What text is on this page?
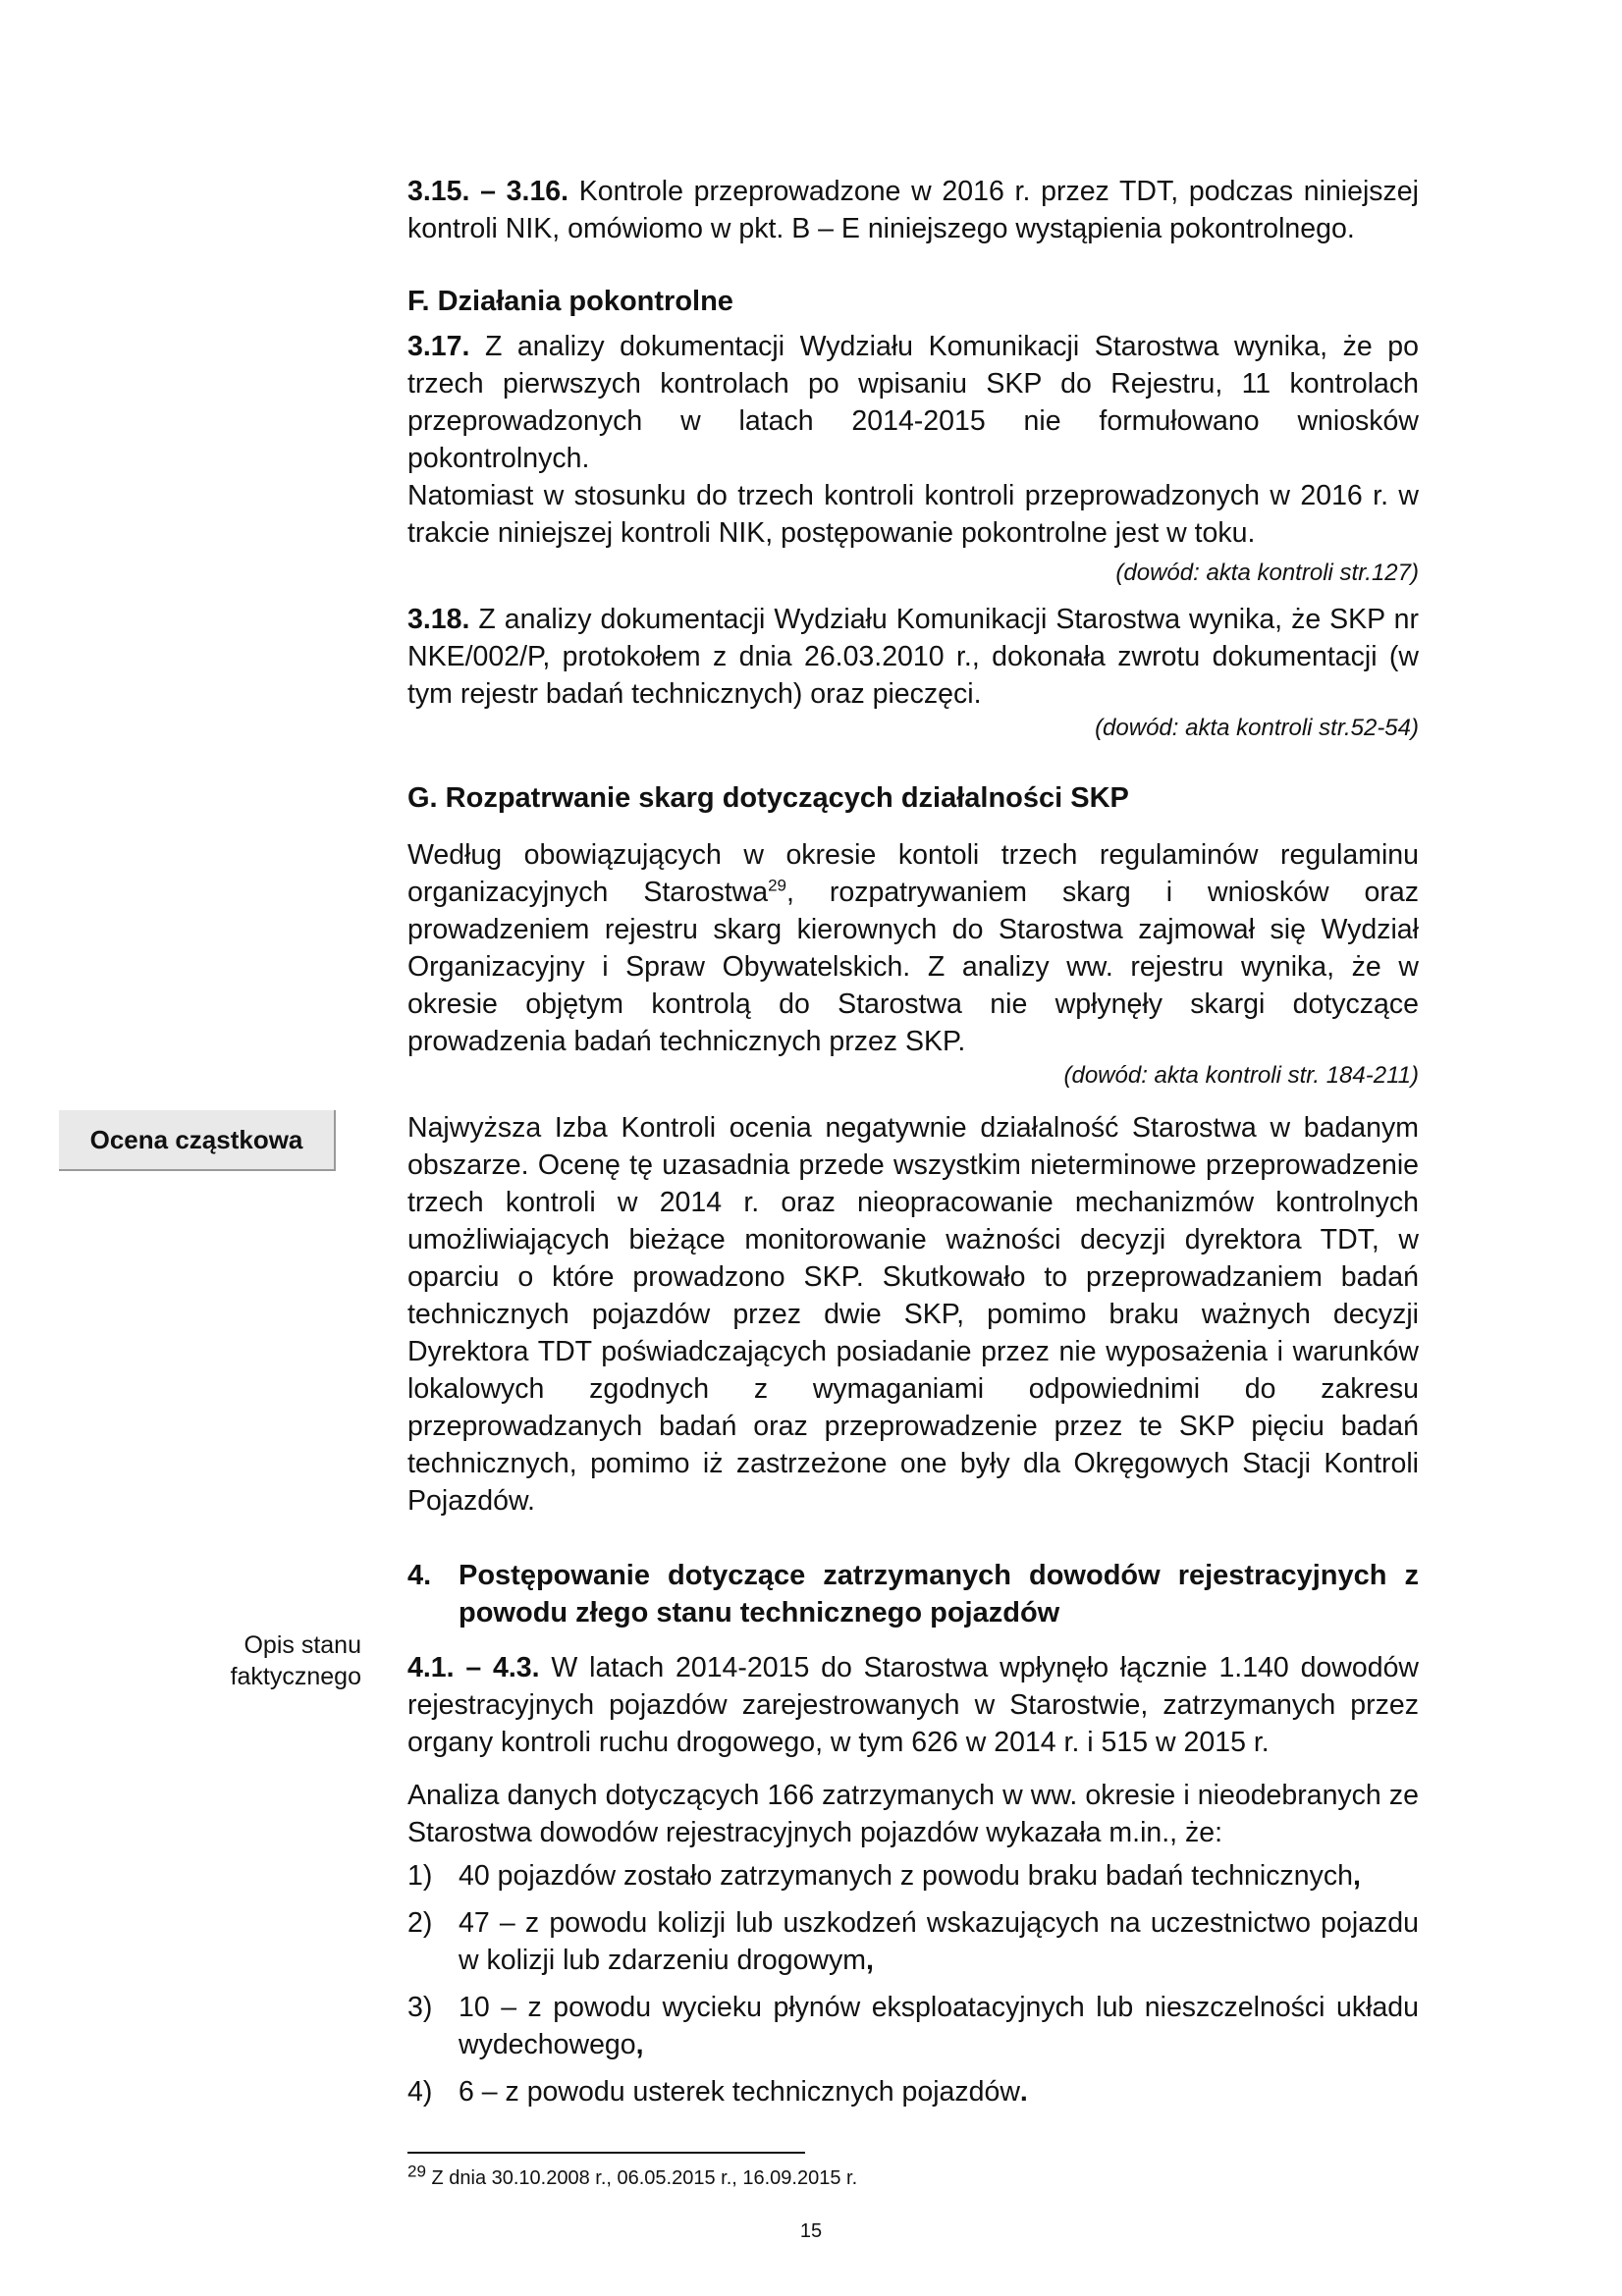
Ocena cząstkowa
Opis stanu faktycznego

3.15. – 3.16. Kontrole przeprowadzone w 2016 r. przez TDT, podczas niniejszej kontroli NIK, omówiomo w pkt. B – E niniejszego wystąpienia pokontrolnego.

F. Działania pokontrolne

3.17. Z analizy dokumentacji Wydziału Komunikacji Starostwa wynika, że po trzech pierwszych kontrolach po wpisaniu SKP do Rejestru, 11 kontrolach przeprowadzonych w latach 2014-2015 nie formułowano wniosków pokontrolnych.

Natomiast w stosunku do trzech kontroli kontroli przeprowadzonych w 2016 r. w trakcie niniejszej kontroli NIK, postępowanie pokontrolne jest w toku.

(dowód: akta kontroli str.127)

3.18. Z analizy dokumentacji Wydziału Komunikacji Starostwa wynika, że SKP nr NKE/002/P, protokołem z dnia 26.03.2010 r., dokonała zwrotu dokumentacji (w tym rejestr badań technicznych) oraz pieczęci.

(dowód: akta kontroli str.52-54)

G. Rozpatrwanie skarg dotyczących działalności SKP

Według obowiązujących w okresie kontoli trzech regulaminów regulaminu organizacyjnych Starostwa$^{29}$, rozpatrywaniem skarg i wniosków oraz prowadzeniem rejestru skarg kierownych do Starostwa zajmował się Wydział Organizacyjny i Spraw Obywatelskich. Z analizy ww. rejestru wynika, że w okresie objętym kontrolą do Starostwa nie wpłynęły skargi dotyczące prowadzenia badań technicznych przez SKP.

(dowód: akta kontroli str. 184-211)

Najwyższa Izba Kontroli ocenia negatywnie działalność Starostwa w badanym obszarze. Ocenę tę uzasadnia przede wszystkim nieterminowe przeprowadzenie trzech kontroli w 2014 r. oraz nieopracowanie mechanizmów kontrolnych umożliwiających bieżące monitorowanie ważności decyzji dyrektora TDT, w oparciu o które prowadzono SKP. Skutkowało to przeprowadzaniem badań technicznych pojazdów przez dwie SKP, pomimo braku ważnych decyzji Dyrektora TDT poświadczających posiadanie przez nie wyposażenia i warunków lokalowych zgodnych z wymaganiami odpowiednimi do zakresu przeprowadzanych badań oraz przeprowadzenie przez te SKP pięciu badań technicznych, pomimo iż zastrzeżone one były dla Okręgowych Stacji Kontroli Pojazdów.

4. Postępowanie dotyczące zatrzymanych dowodów rejestracyjnych z powodu złego stanu technicznego pojazdów

4.1. – 4.3. W latach 2014-2015 do Starostwa wpłynęło łącznie 1.140 dowodów rejestracyjnych pojazdów zarejestrowanych w Starostwie, zatrzymanych przez organy kontroli ruchu drogowego, w tym 626 w 2014 r. i 515 w 2015 r.

Analiza danych dotyczących 166 zatrzymanych w ww. okresie i nieodebranych ze Starostwa dowodów rejestracyjnych pojazdów wykazała m.in., że:

1) 40 pojazdów zostało zatrzymanych z powodu braku badań technicznych,
2) 47 – z powodu kolizji lub uszkodzeń wskazujących na uczestnictwo pojazdu w kolizji lub zdarzeniu drogowym,
3) 10 – z powodu wycieku płynów eksploatacyjnych lub nieszczelności układu wydechowego,
4) 6 – z powodu usterek technicznych pojazdów.
$^{29}$ Z dnia 30.10.2008 r., 06.05.2015 r., 16.09.2015 r.
15
